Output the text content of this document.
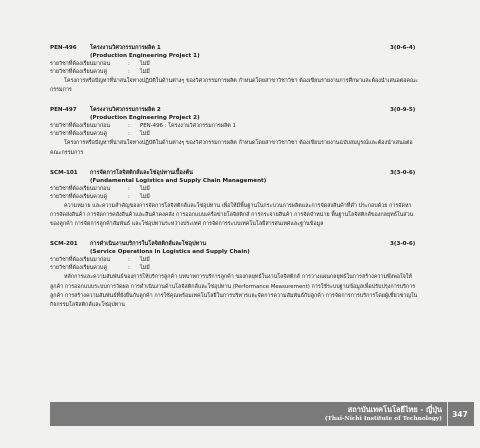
PEN-496	โครงงานวิศวกรรมการผลิต 1	3(0-6-4)
(Production Engineering Project 1)
รายวิชาที่ต้องเรียนมาก่อน	:	ไม่มี
รายวิชาที่ต้องเรียนควบคู่	:	ไม่มี
โครงการหรือปัญหาที่น่าสนใจทางปฏิบัติในด้านต่างๆ ของวิศวกรรมการผลิต กำหนดโดยสาขาวิชาวิชา ต้องเขียนรายงานการศึกษาและต้องนำเสนอต่อคณะกรรมการ
PEN-497	โครงงานวิศวกรรมการผลิต 2	3(0-9-5)
(Production Engineering Project 2)
รายวิชาที่ต้องเรียนมาก่อน	:	PEN-496 : โครงงานวิศวกรรมการผลิต 1
รายวิชาที่ต้องเรียนควบคู่	:	ไม่มี
โครงการหรือปัญหาที่น่าสนใจทางปฏิบัติในด้านต่างๆ ของวิศวกรรมการผลิต กำหนดโดยสาขาวิชาวิชา ต้องเขียนรายงานฉบับสมบูรณ์และต้องนำเสนอต่อคณะกรรมการ
SCM-101	การจัดการโลจิสติกส์และโซ่อุปทานเบื้องต้น	3(3-0-6)
(Fundamental Logistics and Supply Chain Management)
รายวิชาที่ต้องเรียนมาก่อน	:	ไม่มี
รายวิชาที่ต้องเรียนควบคู่	:	ไม่มี
ความหมาย และความสำคัญของการจัดการโลจิสติกส์และโซ่อุปทาน เพื่อให้มีพื้นฐานในกระบวนการผลิตและการจัดส่งสินค้าที่ดำ ประกอบด้วย การจัดหา การจัดส่งสินค้า การจัดการคลังสินค้าและสินค้าคงคลัง การออกแบบเครือข่ายโลจิสติกส์ การกระจายสินค้า การจัดจำหน่าย พื้นฐานโลจิสติกส์ของกลยุทธ์ในส่วนของลูกค้า การจัดการลูกค้าสัมพันธ์ และโซ่อุปทานระหว่างประเทศ การจัดการระบบเทคโนโลยีสารสนเทศและฐานข้อมูล
SCM-201	การดำเนินงานบริการในโลจิสติกส์และโซ่อุปทาน	3(3-0-6)
(Service Operations in Logistics and Supply Chain)
รายวิชาที่ต้องเรียนมาก่อน	:	ไม่มี
รายวิชาที่ต้องเรียนควบคู่	:	ไม่มี
หลักการและความสัมพันธ์ของการให้บริการลูกค้า บทบาทการบริการลูกค้า ของกลยุทธ์ในงานโลจิสติกส์ การวางแผนกลยุทธ์ในการสร้างความพึงพอใจให้ลูกค้า การออกแบบระบบการวัดผล การดำเนินงานด้านโลจิสติกส์และโซ่อุปทาน (Performance Measurement) การใช้ระบบฐานข้อมูลเพื่อปรับปรุงการบริการลูกค้า การสร้างความสัมพันธ์ที่ยั่งยืนกับลูกค้า การใช้คุณพร้อมเทคโนโลยีในการบริหารและจัดการความสัมพันธ์กับลูกค้า การจัดการการบริการโดยผู้เชี่ยวชาญในกิจกรรมโลจิสติกส์และโซ่อุปทาน
สถาบันเทคโนโลยีไทย - ญี่ปุ่น
(Thai-Nichi Institute of Technology)
347
